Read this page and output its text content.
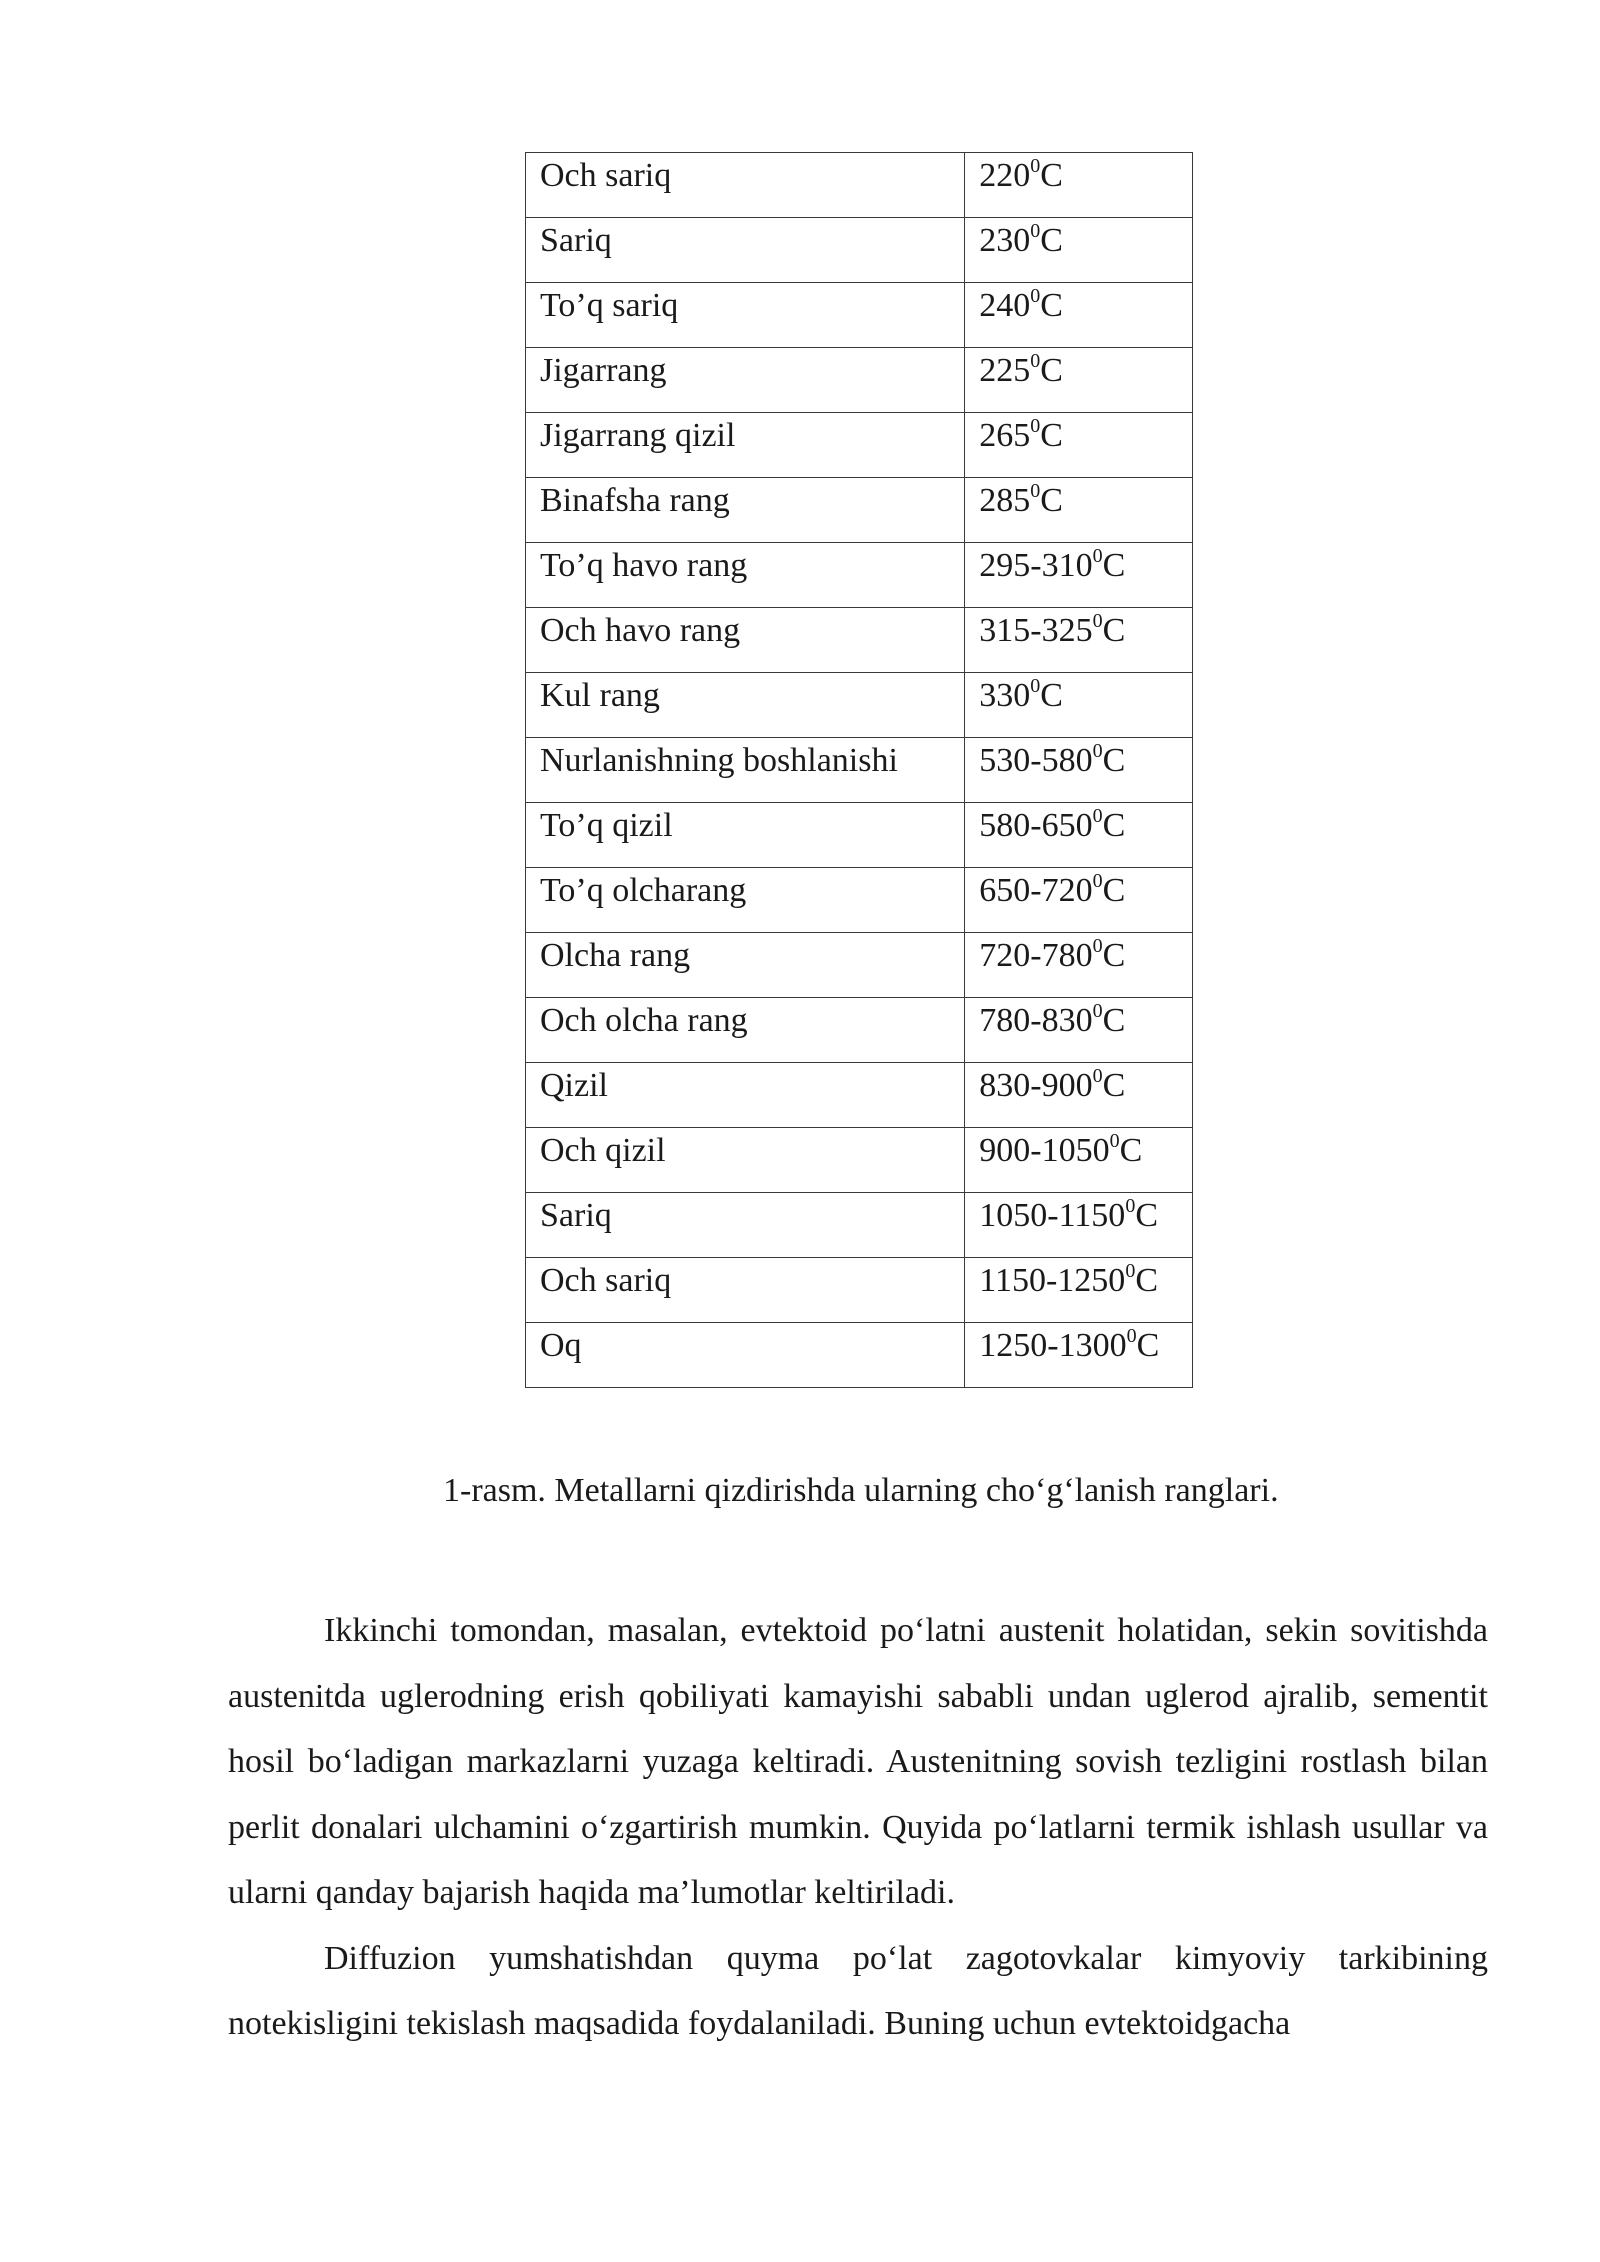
Och sariq	$220^0C$
Sariq	$230^0C$
To’q sariq	$240^0C$
Jigarrang	$225^0C$
Jigarrang qizil	$265^0C$
Binafsha rang	$285^0C$
To’q havo rang	$295-310^0C$
Och havo rang	$315-325^0C$
Kul rang	$330^0C$
Nurlanishning boshlanishi	$530-580^0C$
To’q qizil	$580-650^0C$
To’q olcharang	$650-720^0C$
Olcha rang	$720-780^0C$
Och olcha rang	$780-830^0C$
Qizil	$830-900^0C$
Och qizil	900-1050$^0$C
Sariq	1050-1150$^0$C
Och sariq	1150-1250$^0$C
Oq	1250-1300$^0$C
1-rasm. Metallarni qizdirishda ularning cho‘g‘lanish ranglari.

Ikkinchi tomondan, masalan, evtektoid po‘latni austenit holatidan, sekin sovitishda austenitda uglerodning erish qobiliyati kamayishi sababli undan uglerod ajralib, sementit hosil bo‘ladigan markazlarni yuzaga keltiradi. Austenitning sovish tezligini rostlash bilan perlit donalari ulchamini o‘zgartirish mumkin. Quyida po‘latlarni termik ishlash usullar va ularni qanday bajarish haqida ma’lumotlar keltiriladi.

Diffuzion yumshatishdan quyma po‘lat zagotovkalar kimyoviy tarkibining notekisligini tekislash maqsadida foydalaniladi. Buning uchun evtektoidgacha
